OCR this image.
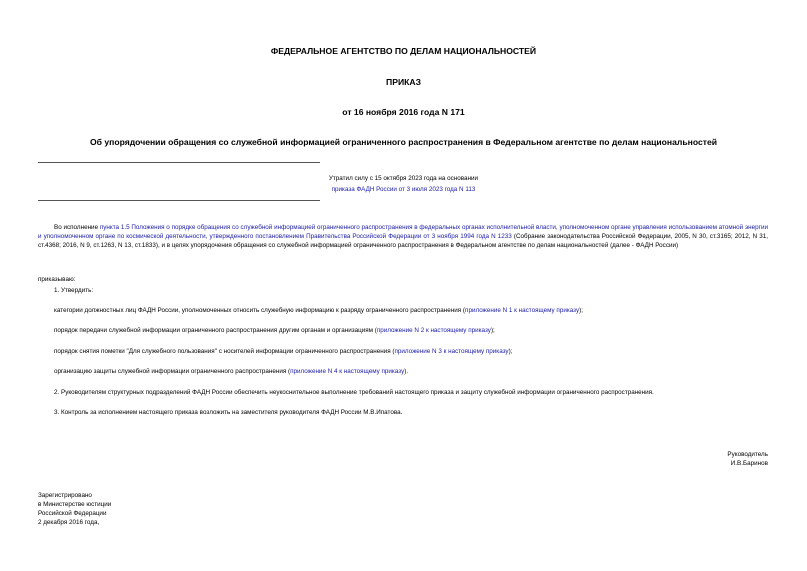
ФЕДЕРАЛЬНОЕ АГЕНТСТВО ПО ДЕЛАМ НАЦИОНАЛЬНОСТЕЙ
ПРИКАЗ
от 16 ноября 2016 года N 171
Об упорядочении обращения со служебной информацией ограниченного распространения в Федеральном агентстве по делам национальностей
Утратил силу с 15 октября 2023 года на основании
приказа ФАДН России от 3 июля 2023 года N 113
Во исполнение пункта 1.5 Положения о порядке обращения со служебной информацией ограниченного распространения в федеральных органах исполнительной власти, уполномоченном органе управления использованием атомной энергии и уполномоченном органе по космической деятельности, утвержденного постановлением Правительства Российской Федерации от 3 ноября 1994 года N 1233 (Собрание законодательства Российской Федерации, 2005, N 30, ст.3165; 2012, N 31, ст.4368; 2016, N 9, ст.1263, N 13, ст.1833), и в целях упорядочения обращения со служебной информацией ограниченного распространения в Федеральном агентстве по делам национальностей (далее - ФАДН России)
приказываю:
1. Утвердить:
категории должностных лиц ФАДН России, уполномоченных относить служебную информацию к разряду ограниченного распространения (приложение N 1 к настоящему приказу);
порядок передачи служебной информации ограниченного распространения другим органам и организациям (приложение N 2 к настоящему приказу);
порядок снятия пометки "Для служебного пользования" с носителей информации ограниченного распространения (приложение N 3 к настоящему приказу);
организацию защиты служебной информации ограниченного распространения (приложение N 4 к настоящему приказу).
2. Руководителям структурных подразделений ФАДН России обеспечить неукоснительное выполнение требований настоящего приказа и защиту служебной информации ограниченного распространения.
3. Контроль за исполнением настоящего приказа возложить на заместителя руководителя ФАДН России М.В.Ипатова.
Руководитель
И.В.Баринов
Зарегистрировано
в Министерстве юстиции
Российской Федерации
2 декабря 2016 года,
